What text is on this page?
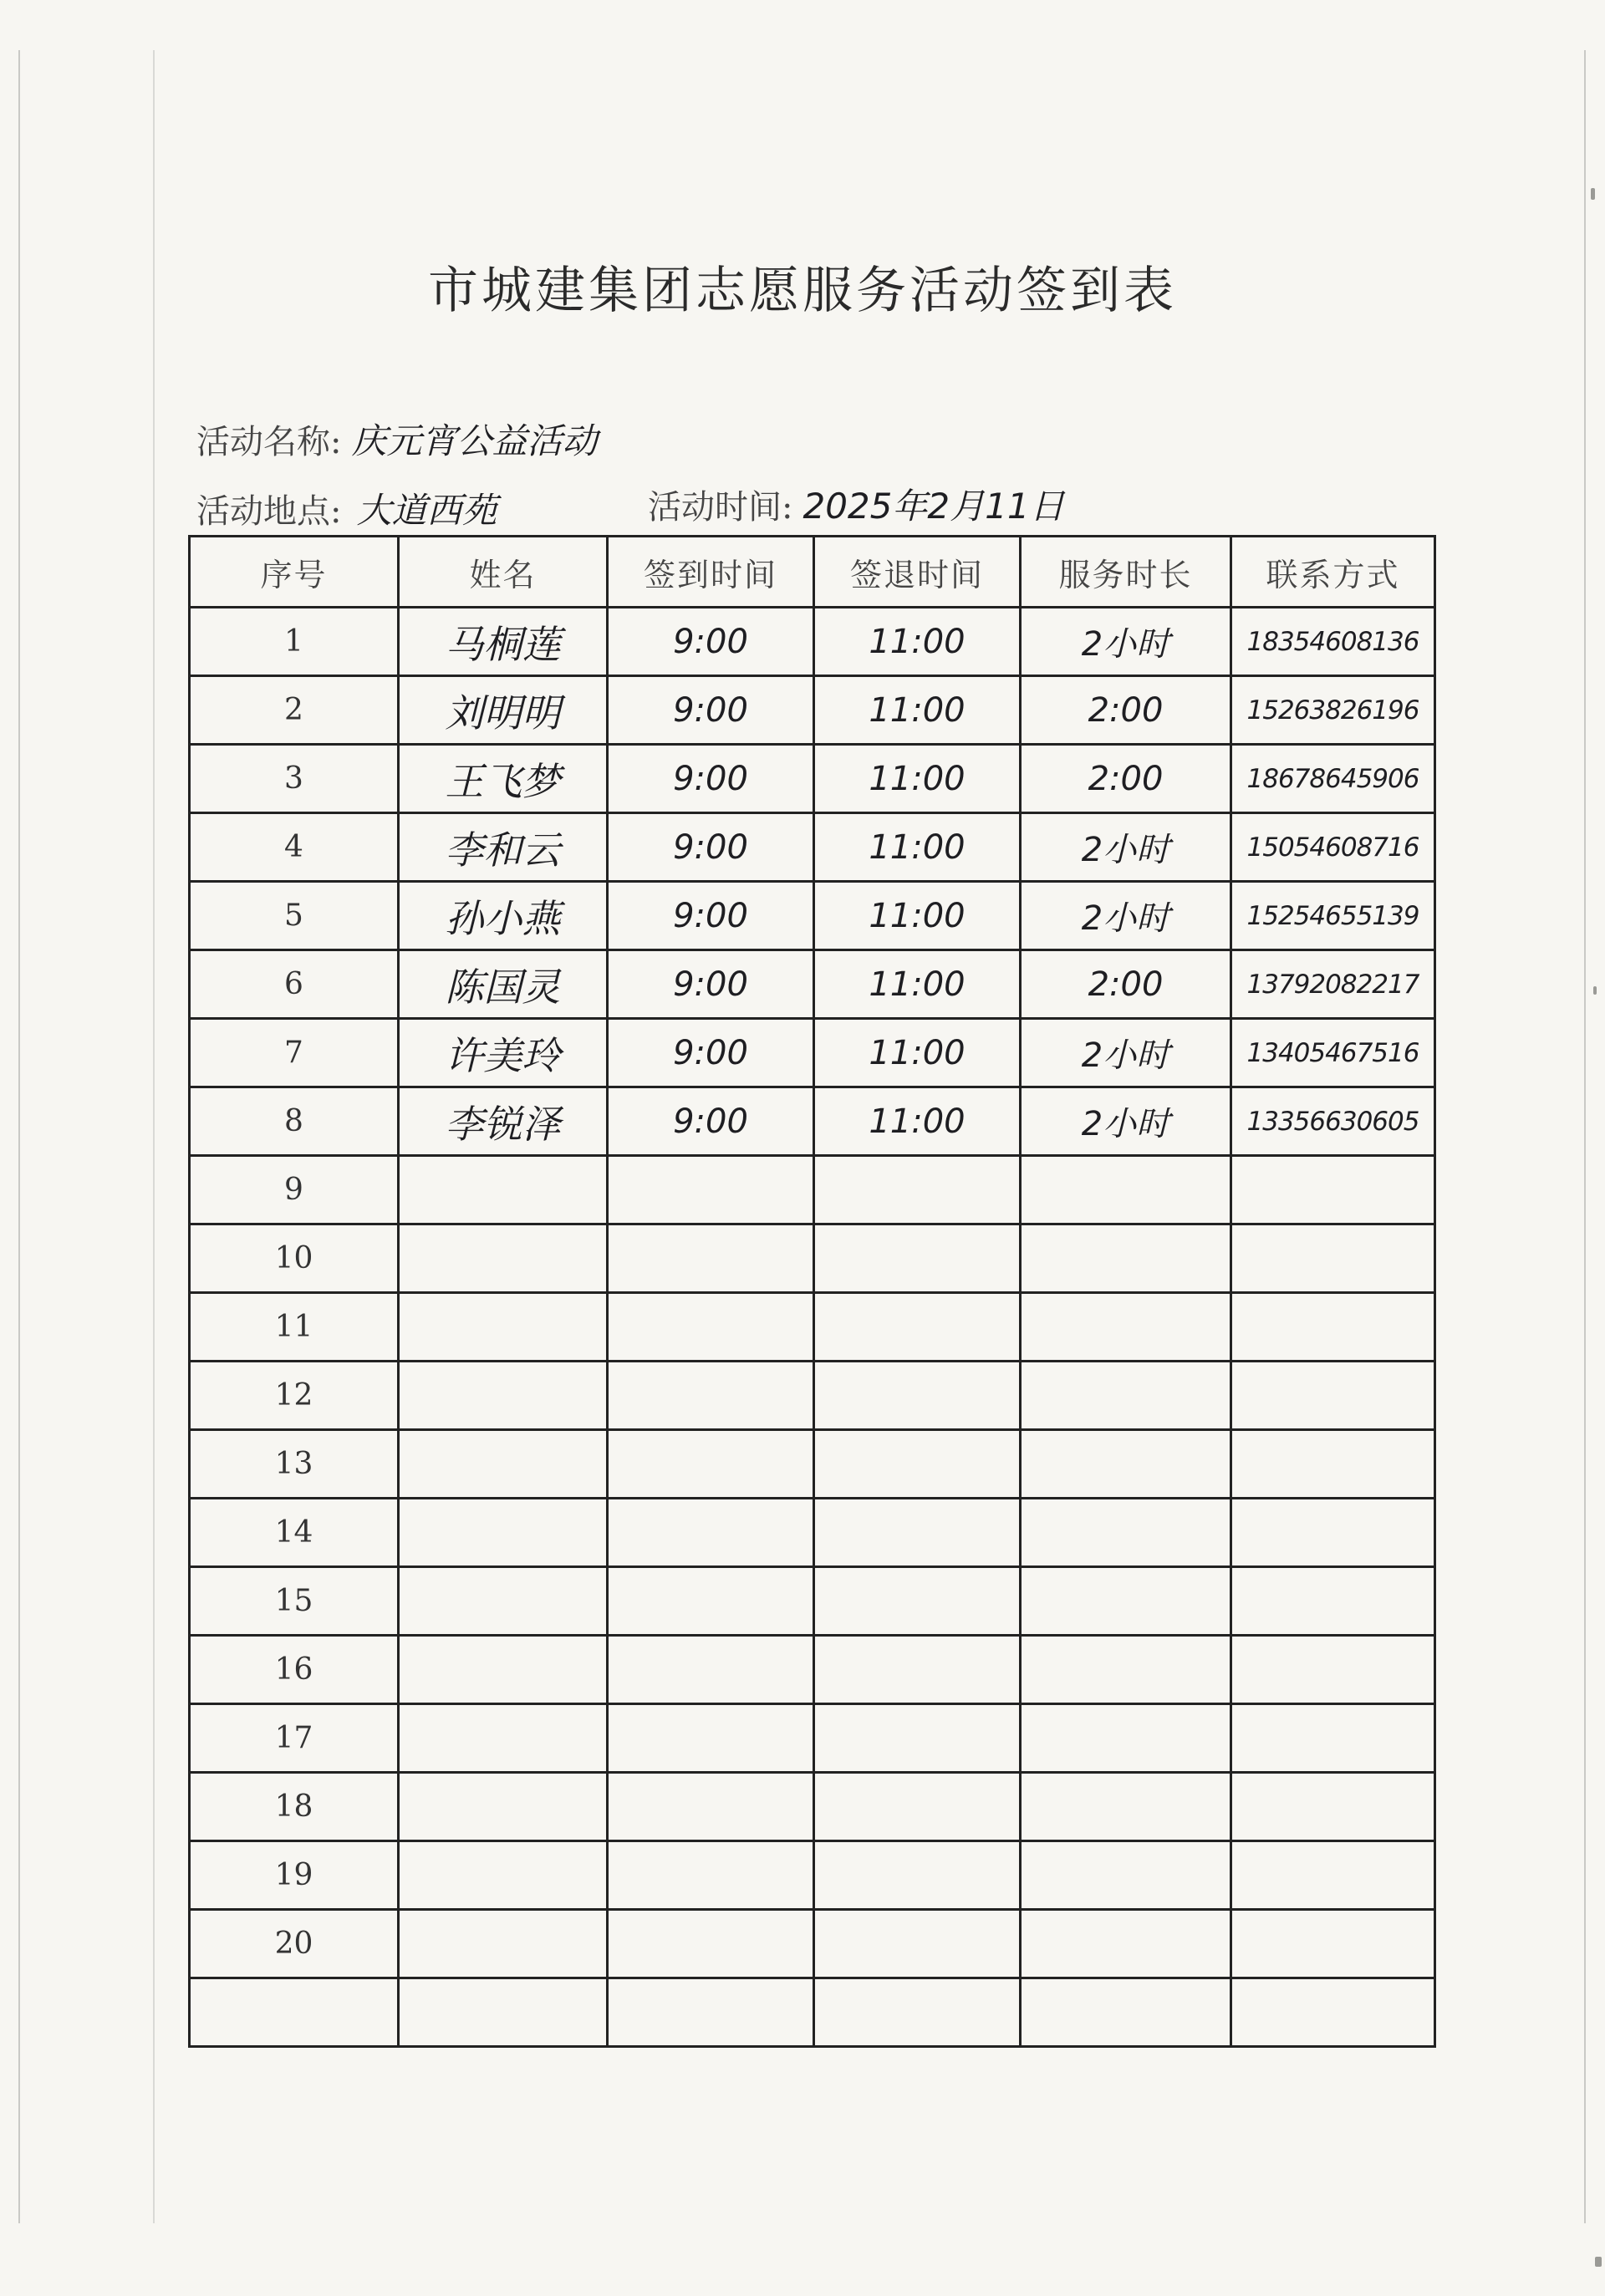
市城建集团志愿服务活动签到表
活动名称: 庆元宵公益活动
活动地点: 大道西苑	活动时间: 2025年2月11日
序号	姓名	签到时间	签退时间	服务时长	联系方式
1	马桐莲	9:00	11:00	2小时	18354608136
2	刘明明	9:00	11:00	2:00	15263826196
3	王飞梦	9:00	11:00	2:00	18678645906
4	李和云	9:00	11:00	2小时	15054608716
5	孙小燕	9:00	11:00	2小时	15254655139
6	陈国灵	9:00	11:00	2:00	13792082217
7	许美玲	9:00	11:00	2小时	13405467516
8	李锐泽	9:00	11:00	2小时	13356630605
9					
10					
11					
12					
13					
14					
15					
16					
17					
18					
19					
20					
